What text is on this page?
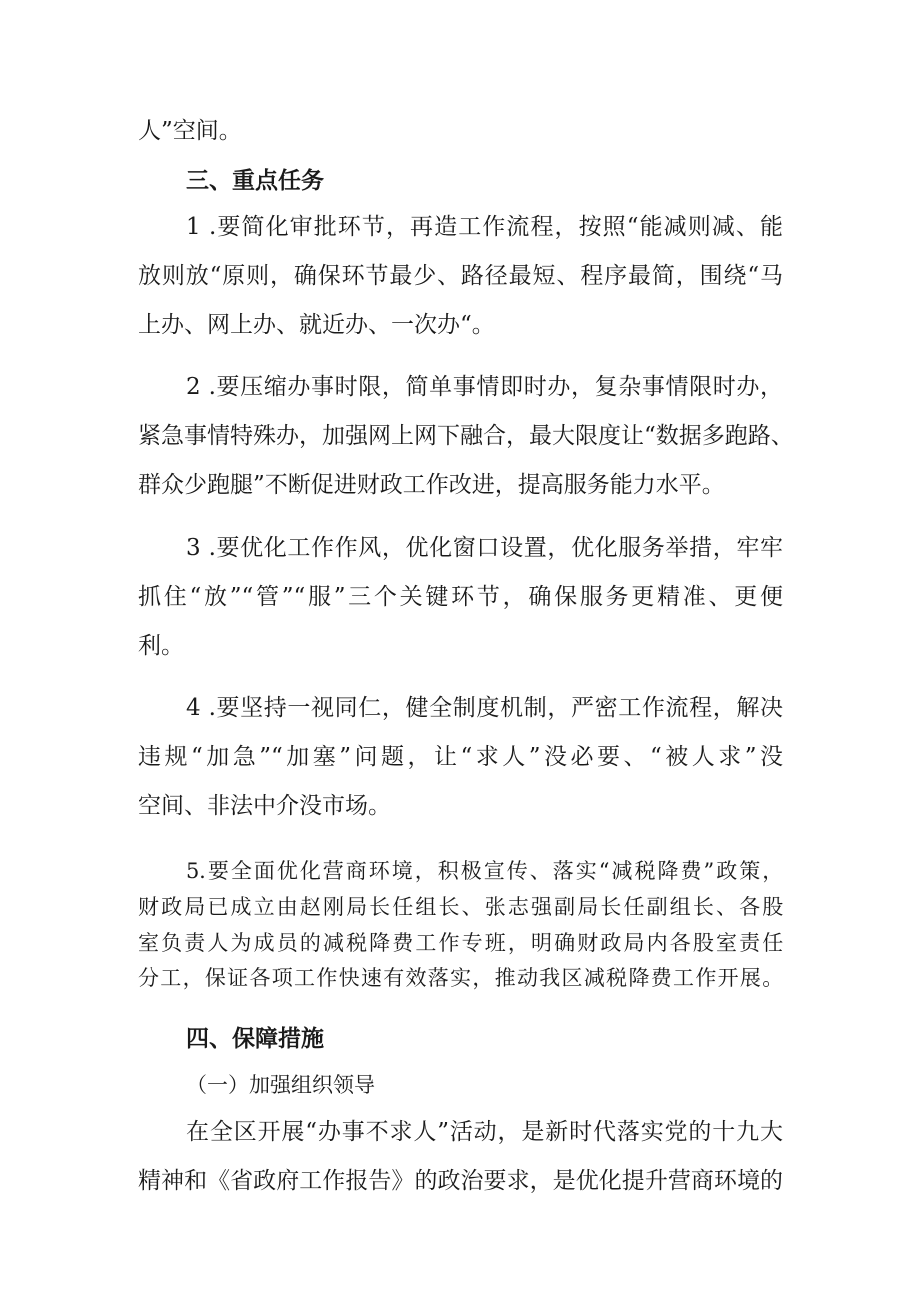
人”空间。
三、重点任务
1 .要简化审批环节，再造工作流程，按照“能减则减、能
放则放“原则，确保环节最少、路径最短、程序最简，围绕“马
上办、网上办、就近办、一次办“。
2 .要压缩办事时限，简单事情即时办，复杂事情限时办，
紧急事情特殊办，加强网上网下融合，最大限度让“数据多跑路、
群众少跑腿”不断促进财政工作改进，提高服务能力水平。
3 .要优化工作作风，优化窗口设置，优化服务举措，牢牢
抓住“放”“管”“服”三个关键环节，确保服务更精准、更便
利。
4 .要坚持一视同仁，健全制度机制，严密工作流程，解决
违规“加急”“加塞”问题，让“求人”没必要、“被人求”没
空间、非法中介没市场。
5.要全面优化营商环境，积极宣传、落实“减税降费”政策，
财政局已成立由赵刚局长任组长、张志强副局长任副组长、各股
室负责人为成员的减税降费工作专班，明确财政局内各股室责任
分工，保证各项工作快速有效落实，推动我区减税降费工作开展。
四、保障措施
（一）加强组织领导
在全区开展“办事不求人”活动，是新时代落实党的十九大
精神和《省政府工作报告》的政治要求，是优化提升营商环境的
